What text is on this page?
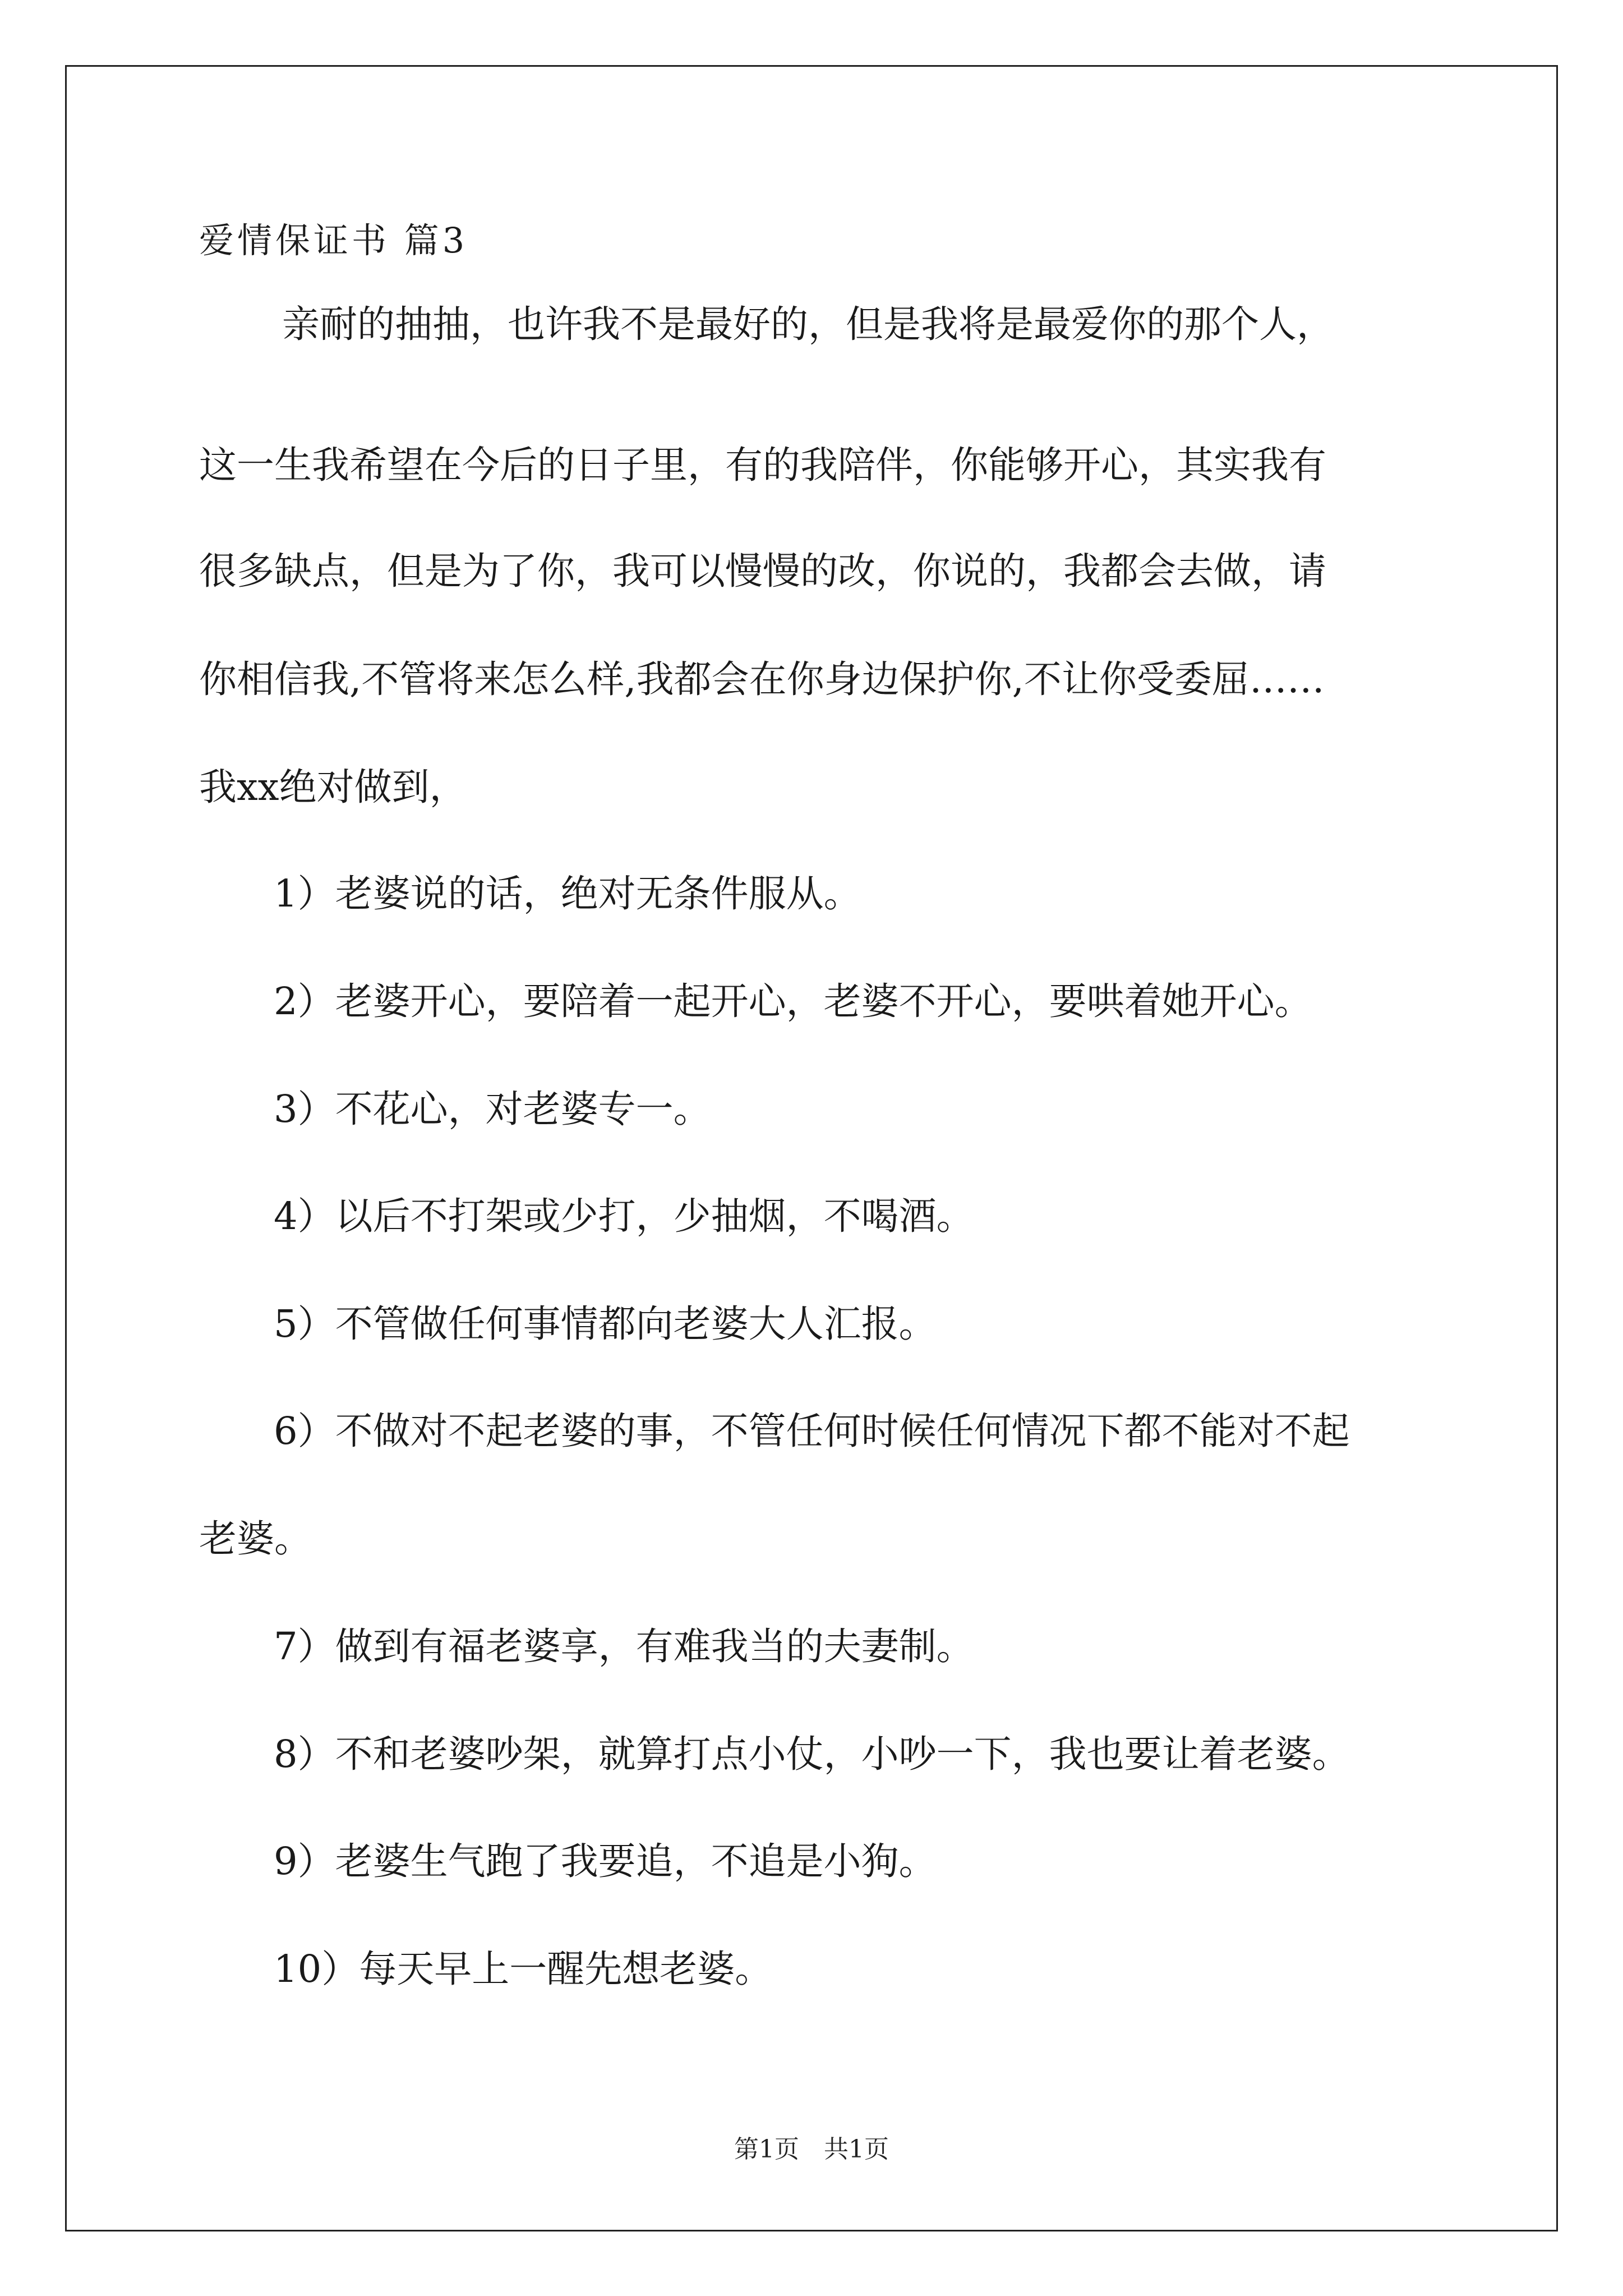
爱情保证书 篇3
亲耐的抽抽，也许我不是最好的，但是我将是最爱你的那个人，
这一生我希望在今后的日子里，有的我陪伴，你能够开心，其实我有
很多缺点，但是为了你，我可以慢慢的改，你说的，我都会去做，请
你相信我,不管将来怎么样,我都会在你身边保护你,不让你受委屈……
我xx绝对做到，
1）老婆说的话，绝对无条件服从。
2）老婆开心，要陪着一起开心，老婆不开心，要哄着她开心。
3）不花心，对老婆专一。
4）以后不打架或少打，少抽烟，不喝酒。
5）不管做任何事情都向老婆大人汇报。
6）不做对不起老婆的事，不管任何时候任何情况下都不能对不起
老婆。
7）做到有福老婆享，有难我当的夫妻制。
8）不和老婆吵架，就算打点小仗，小吵一下，我也要让着老婆。
9）老婆生气跑了我要追，不追是小狗。
10）每天早上一醒先想老婆。
第1页 共1页
